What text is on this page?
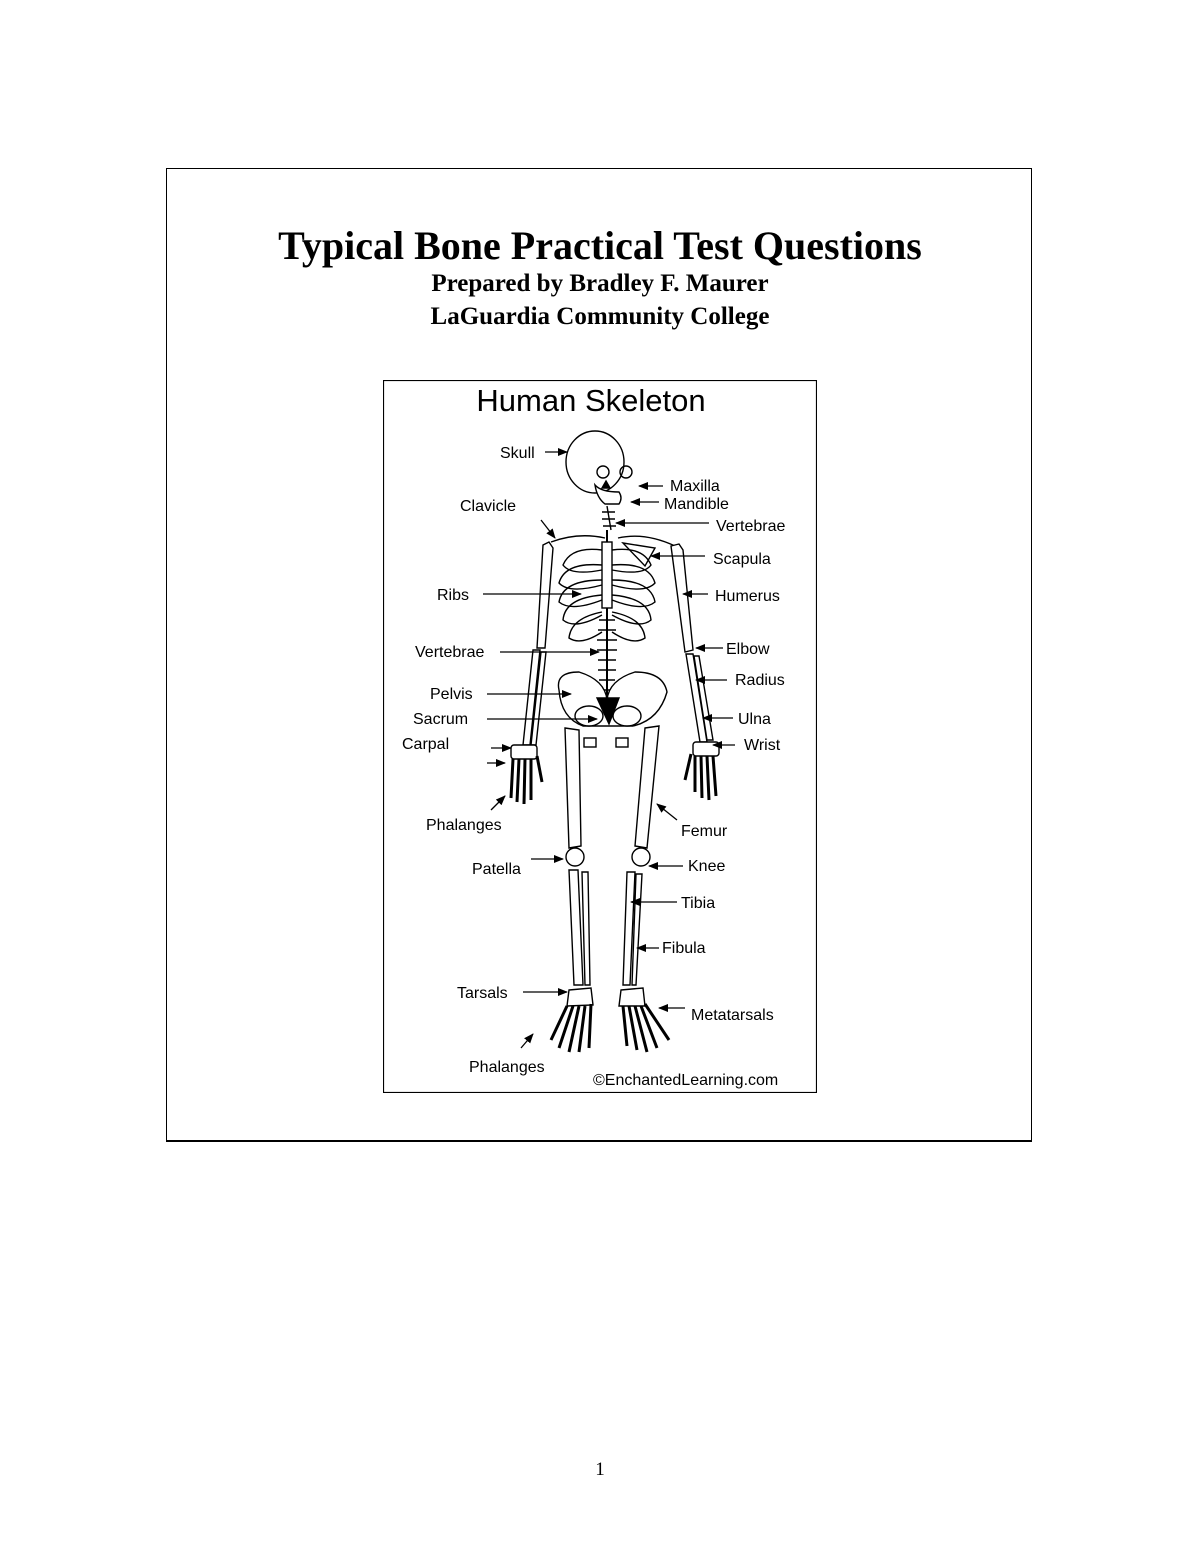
Typical Bone Practical Test Questions

Prepared by Bradley F. Maurer

LaGuardia Community College

Human Skeleton
Skull
Maxilla
Mandible
Clavicle
Vertebrae
Scapula
Ribs	Humerus
Vertebrae	Elbow
Radius
Pelvis
Sacrum	Ulna
Carpal	Wrist
Phalanges	Femur
Patella	Knee
Tibia
Fibula
Tarsals
Metatarsals
Phalanges
©EnchantedLearning.com
1
